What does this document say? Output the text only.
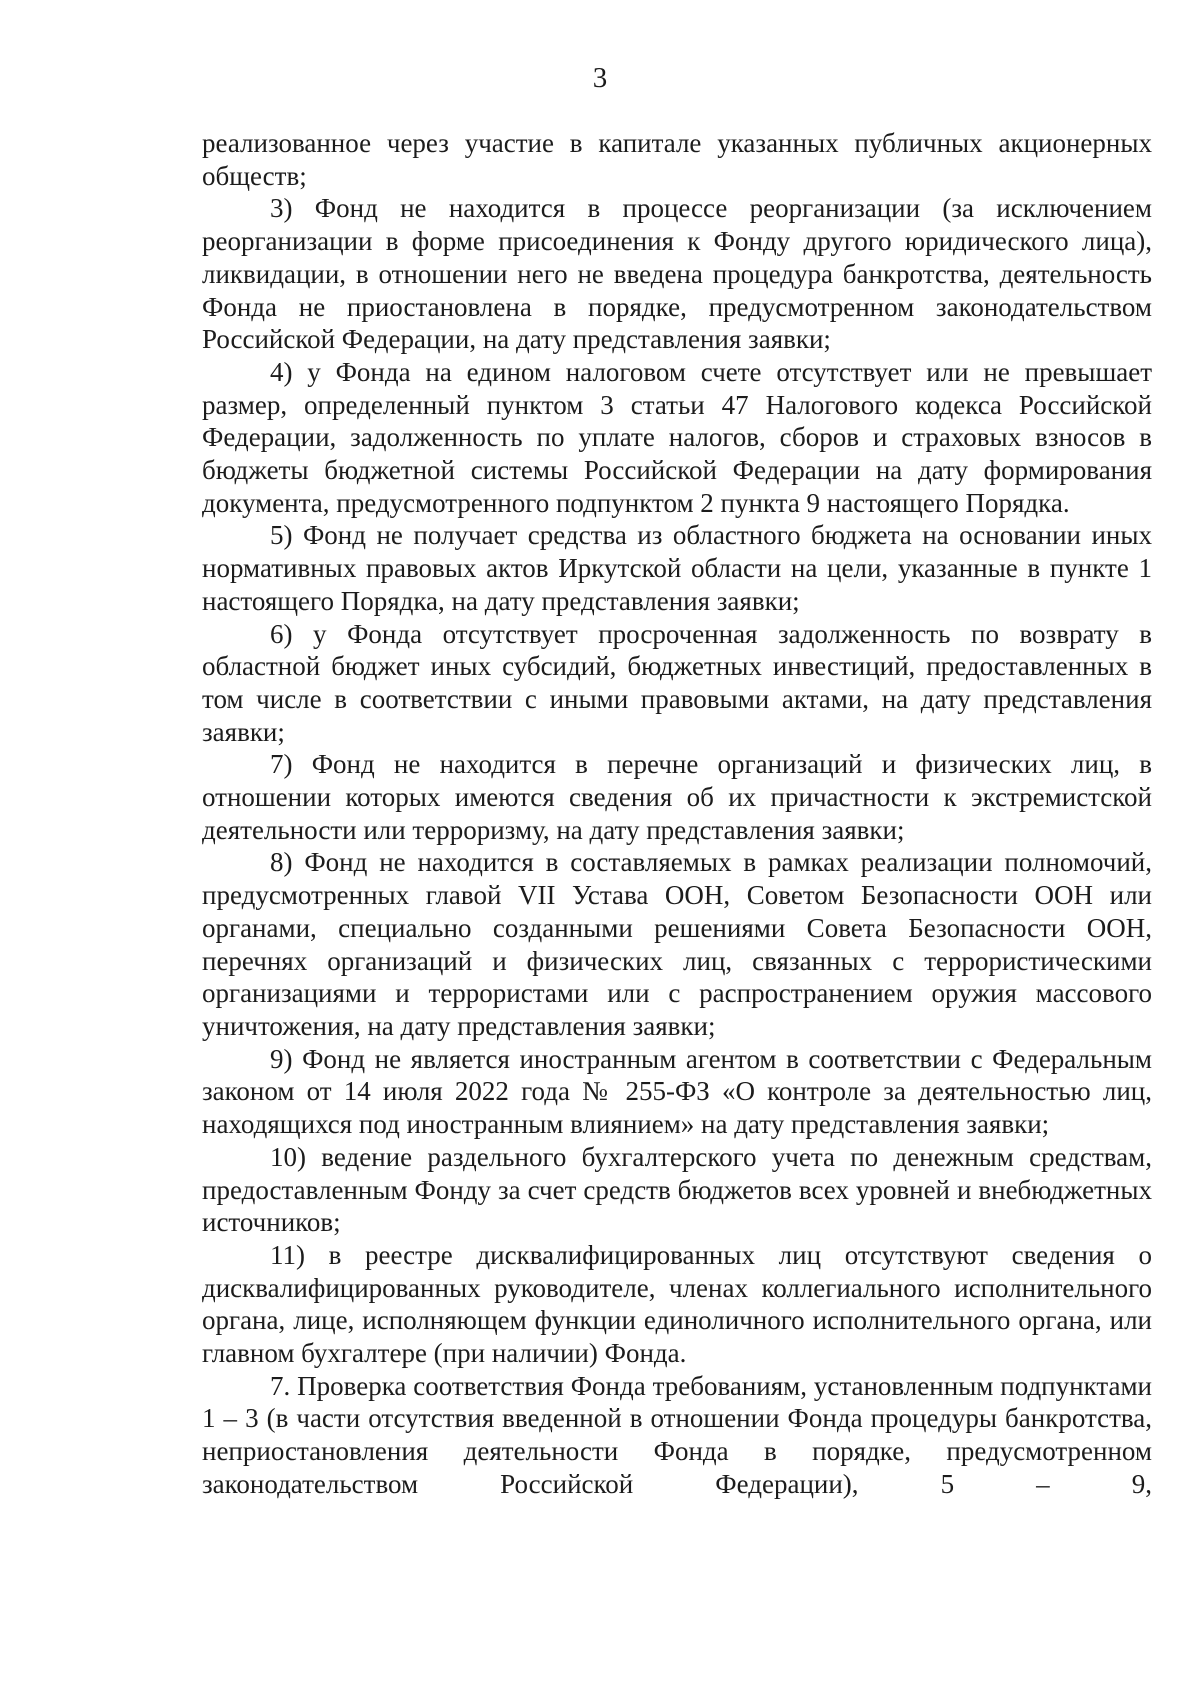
3

реализованное через участие в капитале указанных публичных акционерных обществ;

3) Фонд не находится в процессе реорганизации (за исключением реорганизации в форме присоединения к Фонду другого юридического лица), ликвидации, в отношении него не введена процедура банкротства, деятельность Фонда не приостановлена в порядке, предусмотренном законодательством Российской Федерации, на дату представления заявки;

4) у Фонда на едином налоговом счете отсутствует или не превышает размер, определенный пунктом 3 статьи 47 Налогового кодекса Российской Федерации, задолженность по уплате налогов, сборов и страховых взносов в бюджеты бюджетной системы Российской Федерации на дату формирования документа, предусмотренного подпунктом 2 пункта 9 настоящего Порядка.

5) Фонд не получает средства из областного бюджета на основании иных нормативных правовых актов Иркутской области на цели, указанные в пункте 1 настоящего Порядка, на дату представления заявки;

6) у Фонда отсутствует просроченная задолженность по возврату в областной бюджет иных субсидий, бюджетных инвестиций, предоставленных в том числе в соответствии с иными правовыми актами, на дату представления заявки;

7) Фонд не находится в перечне организаций и физических лиц, в отношении которых имеются сведения об их причастности к экстремистской деятельности или терроризму, на дату представления заявки;

8) Фонд не находится в составляемых в рамках реализации полномочий, предусмотренных главой VII Устава ООН, Советом Безопасности ООН или органами, специально созданными решениями Совета Безопасности ООН, перечнях организаций и физических лиц, связанных с террористическими организациями и террористами или с распространением оружия массового уничтожения, на дату представления заявки;

9) Фонд не является иностранным агентом в соответствии с Федеральным законом от 14 июля 2022 года № 255-ФЗ «О контроле за деятельностью лиц, находящихся под иностранным влиянием» на дату представления заявки;

10) ведение раздельного бухгалтерского учета по денежным средствам, предоставленным Фонду за счет средств бюджетов всех уровней и внебюджетных источников;

11) в реестре дисквалифицированных лиц отсутствуют сведения о дисквалифицированных руководителе, членах коллегиального исполнительного органа, лице, исполняющем функции единоличного исполнительного органа, или главном бухгалтере (при наличии) Фонда.

7. Проверка соответствия Фонда требованиям, установленным подпунктами 1 – 3 (в части отсутствия введенной в отношении Фонда процедуры банкротства, неприостановления деятельности Фонда в порядке, предусмотренном законодательством Российской Федерации), 5 – 9,
